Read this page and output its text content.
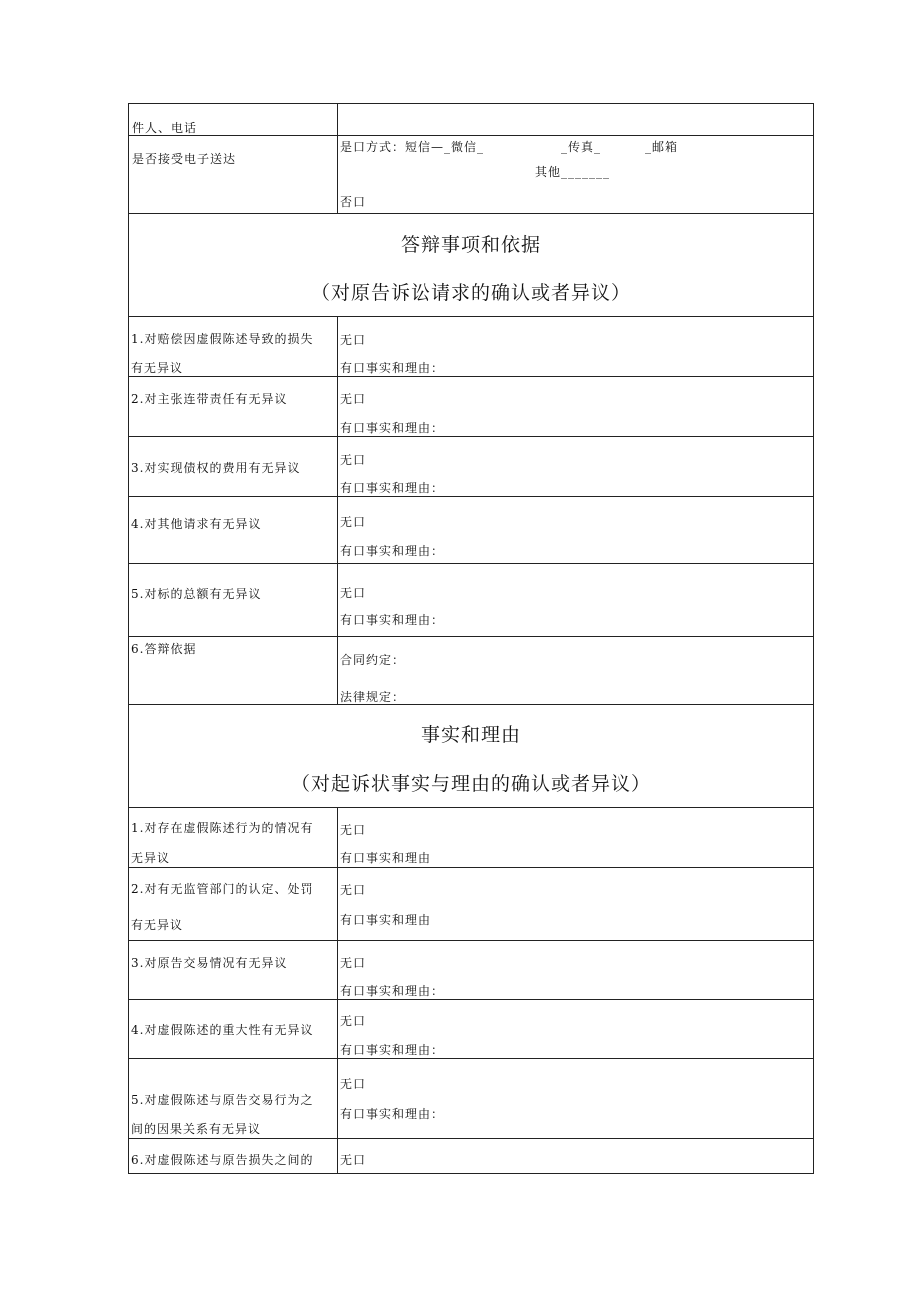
件人、电话	

是否接受电子送达	是口方式：短信—_微信_ _传真_ _邮箱
其他_______
否口

答辩事项和依据
（对原告诉讼请求的确认或者异议）	

1.对赔偿因虚假陈述导致的损失
有无异议	无口
有口事实和理由：

2.对主张连带责任有无异议	无口
有口事实和理由：

3.对实现债权的费用有无异议	无口
有口事实和理由：

4.对其他请求有无异议	无口
有口事实和理由：

5.对标的总额有无异议	无口
有口事实和理由：

6.答辩依据	合同约定：
法律规定：

事实和理由
（对起诉状事实与理由的确认或者异议）	

1.对存在虚假陈述行为的情况有
无异议	无口
有口事实和理由

2.对有无监管部门的认定、处罚
有无异议	无口
有口事实和理由

3.对原告交易情况有无异议	无口
有口事实和理由：

4.对虚假陈述的重大性有无异议	无口
有口事实和理由：

5.对虚假陈述与原告交易行为之
间的因果关系有无异议	无口
有口事实和理由：

6.对虚假陈述与原告损失之间的	无口
